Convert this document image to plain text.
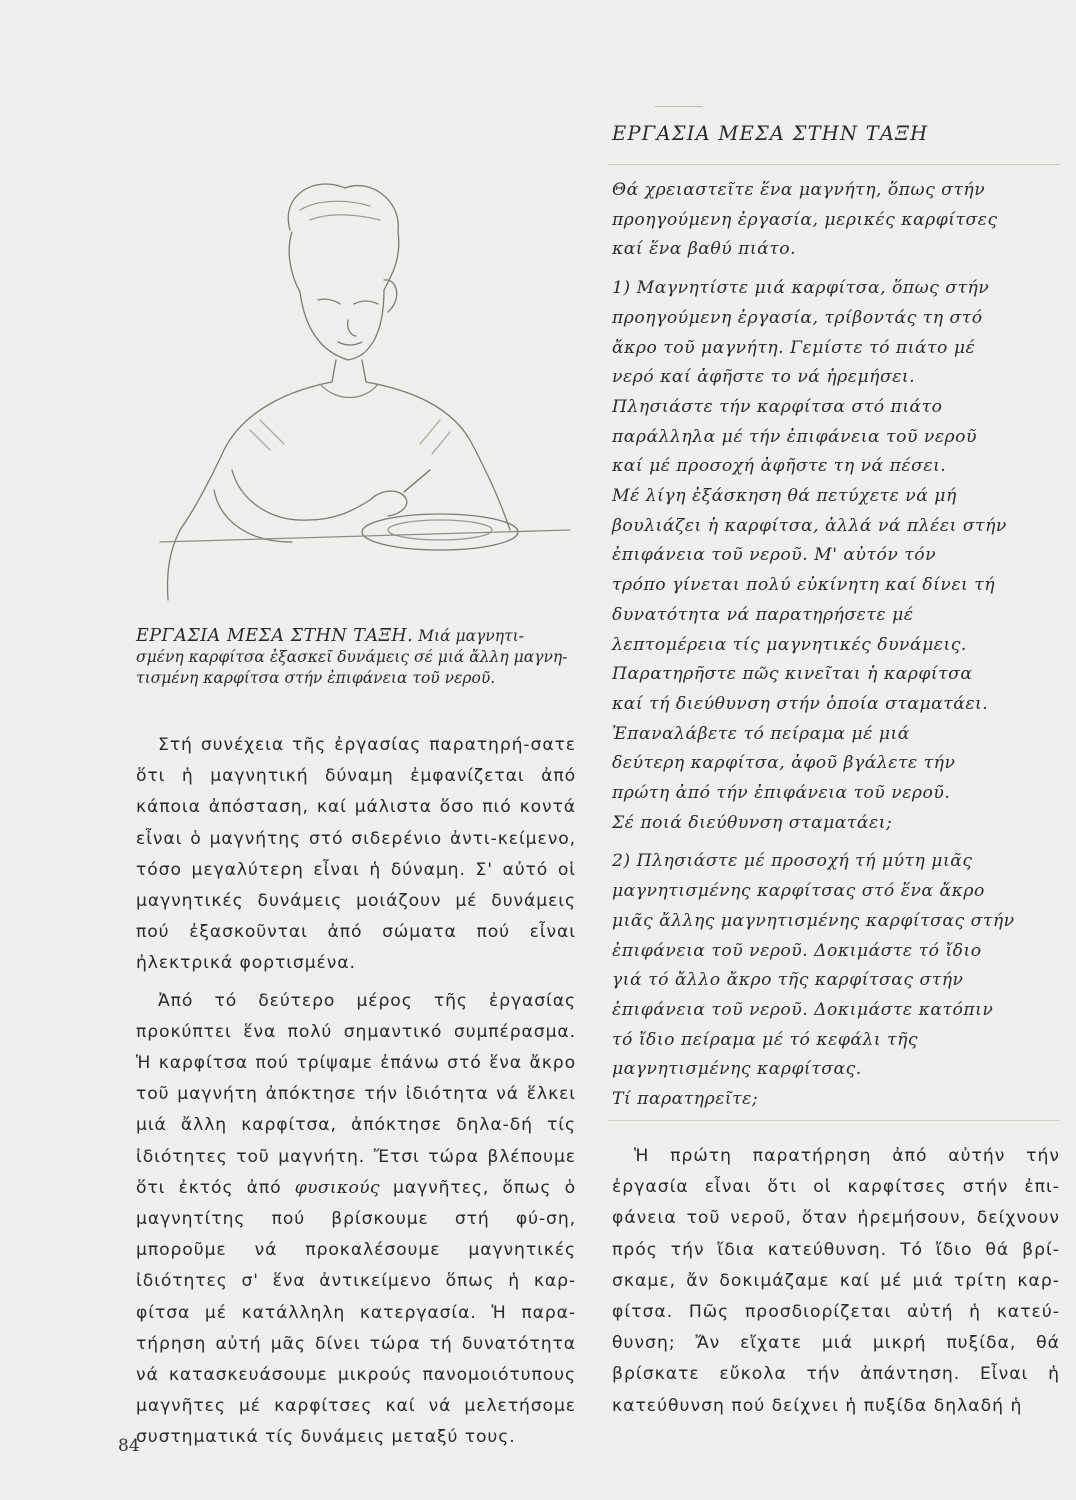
ΕΡΓΑΣΙΑ ΜΕΣΑ ΣΤΗΝ ΤΑΞΗ. Μιά μαγνητι-
σμένη καρφίτσα ἐξασκεῖ δυνάμεις σέ μιά ἄλλη μαγνη-
τισμένη καρφίτσα στήν ἐπιφάνεια τοῦ νεροῦ.

Στή συνέχεια τῆς ἐργασίας παρατηρή-σατε ὅτι ἡ μαγνητική δύναμη ἐμφανίζεται ἀπό κάποια ἀπόσταση, καί μάλιστα ὅσο πιό κοντά εἶναι ὁ μαγνήτης στό σιδερένιο ἀντι-κείμενο, τόσο μεγαλύτερη εἶναι ἡ δύναμη. Σ' αὐτό οἱ μαγνητικές δυνάμεις μοιάζουν μέ δυνάμεις πού ἐξασκοῦνται ἀπό σώματα πού εἶναι ἠλεκτρικά φορτισμένα.

Ἀπό τό δεύτερο μέρος τῆς ἐργασίας προκύπτει ἕνα πολύ σημαντικό συμπέρασμα. Ἡ καρφίτσα πού τρίψαμε ἐπάνω στό ἕνα ἄκρο τοῦ μαγνήτη ἀπόκτησε τήν ἰδιότητα νά ἕλκει μιά ἄλλη καρφίτσα, ἀπόκτησε δηλα-δή τίς ἰδιότητες τοῦ μαγνήτη. Ἔτσι τώρα βλέπουμε ὅτι ἐκτός ἀπό φυσικούς μαγνῆτες, ὅπως ὁ μαγνητίτης πού βρίσκουμε στή φύ-ση, μποροῦμε νά προκαλέσουμε μαγνητικές ἰδιότητες σ' ἕνα ἀντικείμενο ὅπως ἡ καρ-φίτσα μέ κατάλληλη κατεργασία. Ἡ παρα-τήρηση αὐτή μᾶς δίνει τώρα τή δυνατότητα νά κατασκευάσουμε μικρούς πανομοιότυπους μαγνῆτες μέ καρφίτσες καί νά μελετήσομε συστηματικά τίς δυνάμεις μεταξύ τους.

ΕΡΓΑΣΙΑ ΜΕΣΑ ΣΤΗΝ ΤΑΞΗ
Θά χρειαστεῖτε ἕνα μαγνήτη, ὅπως στήν
προηγούμενη ἐργασία, μερικές καρφίτσες
καί ἕνα βαθύ πιάτο.
1) Μαγνητίστε μιά καρφίτσα, ὅπως στήν
προηγούμενη ἐργασία, τρίβοντάς τη στό
ἄκρο τοῦ μαγνήτη. Γεμίστε τό πιάτο μέ
νερό καί ἀφῆστε το νά ἠρεμήσει.
Πλησιάστε τήν καρφίτσα στό πιάτο
παράλληλα μέ τήν ἐπιφάνεια τοῦ νεροῦ
καί μέ προσοχή ἀφῆστε τη νά πέσει.
Μέ λίγη ἐξάσκηση θά πετύχετε νά μή
βουλιάζει ἡ καρφίτσα, ἀλλά νά πλέει στήν
ἐπιφάνεια τοῦ νεροῦ. Μ' αὐτόν τόν
τρόπο γίνεται πολύ εὐκίνητη καί δίνει τή
δυνατότητα νά παρατηρήσετε μέ
λεπτομέρεια τίς μαγνητικές δυνάμεις.
Παρατηρῆστε πῶς κινεῖται ἡ καρφίτσα
καί τή διεύθυνση στήν ὁποία σταματάει.
Ἐπαναλάβετε τό πείραμα μέ μιά
δεύτερη καρφίτσα, ἀφοῦ βγάλετε τήν
πρώτη ἀπό τήν ἐπιφάνεια τοῦ νεροῦ.
Σέ ποιά διεύθυνση σταματάει;
2) Πλησιάστε μέ προσοχή τή μύτη μιᾶς
μαγνητισμένης καρφίτσας στό ἕνα ἄκρο
μιᾶς ἄλλης μαγνητισμένης καρφίτσας στήν
ἐπιφάνεια τοῦ νεροῦ. Δοκιμάστε τό ἴδιο
γιά τό ἄλλο ἄκρο τῆς καρφίτσας στήν
ἐπιφάνεια τοῦ νεροῦ. Δοκιμάστε κατόπιν
τό ἴδιο πείραμα μέ τό κεφάλι τῆς
μαγνητισμένης καρφίτσας.
Τί παρατηρεῖτε;

Ἡ πρώτη παρατήρηση ἀπό αὐτήν τήν ἐργασία εἶναι ὅτι οἱ καρφίτσες στήν ἐπι-φάνεια τοῦ νεροῦ, ὅταν ἠρεμήσουν, δείχνουν πρός τήν ἴδια κατεύθυνση. Τό ἴδιο θά βρί-σκαμε, ἄν δοκιμάζαμε καί μέ μιά τρίτη καρ-φίτσα. Πῶς προσδιορίζεται αὐτή ἡ κατεύ-θυνση; Ἄν εἴχατε μιά μικρή πυξίδα, θά βρίσκατε εὔκολα τήν ἀπάντηση. Εἶναι ἡ κατεύθυνση πού δείχνει ἡ πυξίδα δηλαδή ἡ

84
